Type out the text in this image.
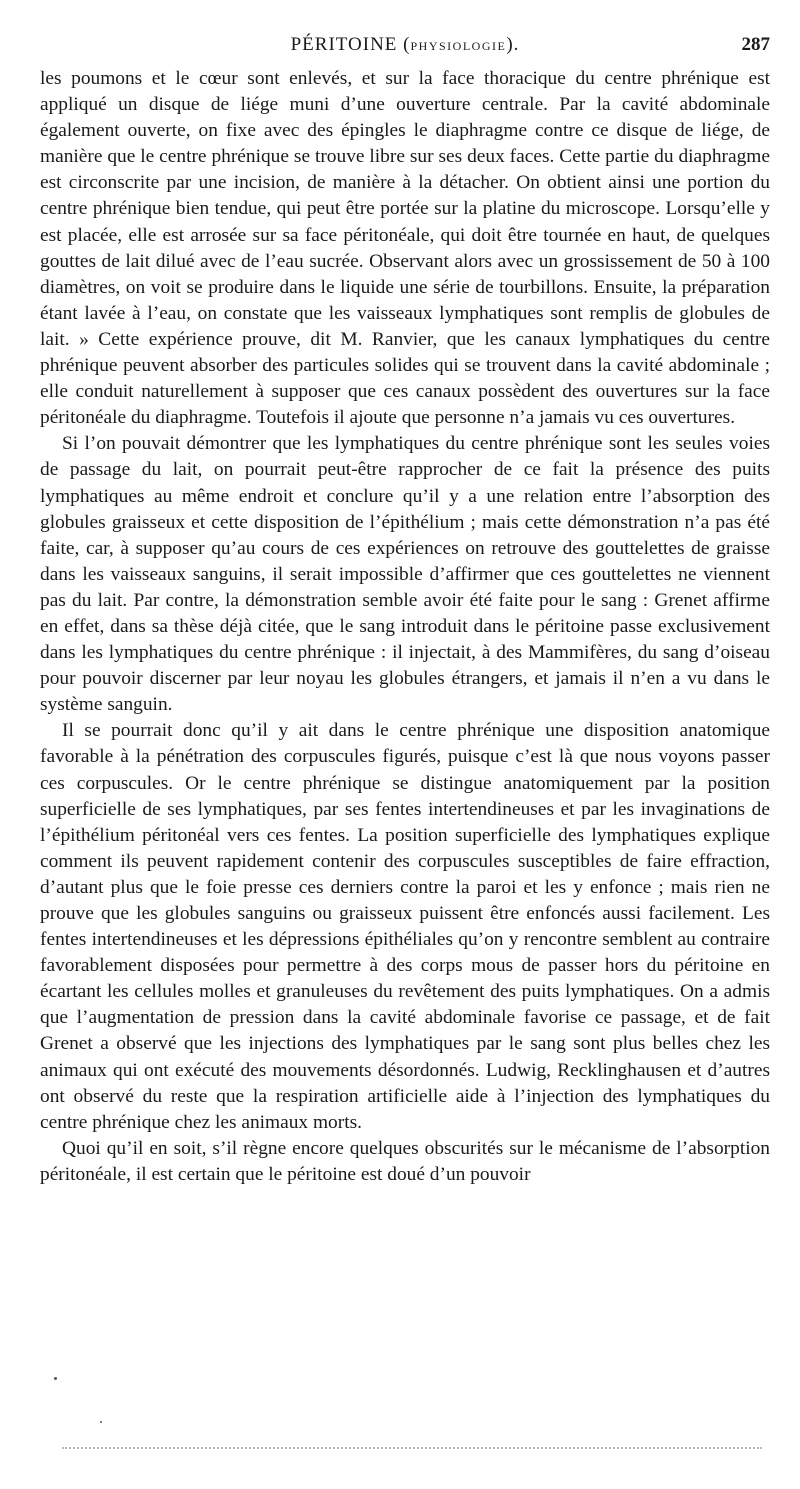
PÉRITOINE (PHYSIOLOGIE).	287

les poumons et le cœur sont enlevés, et sur la face thoracique du centre phrénique est appliqué un disque de liége muni d’une ouverture centrale. Par la cavité abdominale également ouverte, on fixe avec des épingles le diaphragme contre ce disque de liége, de manière que le centre phrénique se trouve libre sur ses deux faces. Cette partie du diaphragme est circonscrite par une incision, de manière à la détacher. On obtient ainsi une portion du centre phrénique bien tendue, qui peut être portée sur la platine du microscope. Lorsqu’elle y est placée, elle est arrosée sur sa face péritonéale, qui doit être tournée en haut, de quelques gouttes de lait dilué avec de l’eau sucrée. Observant alors avec un grossissement de 50 à 100 diamètres, on voit se produire dans le liquide une série de tourbillons. Ensuite, la préparation étant lavée à l’eau, on constate que les vaisseaux lymphatiques sont remplis de globules de lait. » Cette expérience prouve, dit M. Ranvier, que les canaux lymphatiques du centre phrénique peuvent absorber des particules solides qui se trouvent dans la cavité abdominale ; elle conduit naturellement à supposer que ces canaux possèdent des ouvertures sur la face péritonéale du diaphragme. Toutefois il ajoute que personne n’a jamais vu ces ouvertures.

Si l’on pouvait démontrer que les lymphatiques du centre phrénique sont les seules voies de passage du lait, on pourrait peut-être rapprocher de ce fait la présence des puits lymphatiques au même endroit et conclure qu’il y a une relation entre l’absorption des globules graisseux et cette disposition de l’épithélium ; mais cette démonstration n’a pas été faite, car, à supposer qu’au cours de ces expériences on retrouve des gouttelettes de graisse dans les vaisseaux sanguins, il serait impossible d’affirmer que ces gouttelettes ne viennent pas du lait. Par contre, la démonstration semble avoir été faite pour le sang : Grenet affirme en effet, dans sa thèse déjà citée, que le sang introduit dans le péritoine passe exclusivement dans les lymphatiques du centre phrénique : il injectait, à des Mammifères, du sang d’oiseau pour pouvoir discerner par leur noyau les globules étrangers, et jamais il n’en a vu dans le système sanguin.

Il se pourrait donc qu’il y ait dans le centre phrénique une disposition anatomique favorable à la pénétration des corpuscules figurés, puisque c’est là que nous voyons passer ces corpuscules. Or le centre phrénique se distingue anatomiquement par la position superficielle de ses lymphatiques, par ses fentes intertendineuses et par les invaginations de l’épithélium péritonéal vers ces fentes. La position superficielle des lymphatiques explique comment ils peuvent rapidement contenir des corpuscules susceptibles de faire effraction, d’autant plus que le foie presse ces derniers contre la paroi et les y enfonce ; mais rien ne prouve que les globules sanguins ou graisseux puissent être enfoncés aussi facilement. Les fentes intertendineuses et les dépressions épithéliales qu’on y rencontre semblent au contraire favorablement disposées pour permettre à des corps mous de passer hors du péritoine en écartant les cellules molles et granuleuses du revêtement des puits lymphatiques. On a admis que l’augmentation de pression dans la cavité abdominale favorise ce passage, et de fait Grenet a observé que les injections des lymphatiques par le sang sont plus belles chez les animaux qui ont exécuté des mouvements désordonnés. Ludwig, Recklinghausen et d’autres ont observé du reste que la respiration artificielle aide à l’injection des lymphatiques du centre phrénique chez les animaux morts.

Quoi qu’il en soit, s’il règne encore quelques obscurités sur le mécanisme de l’absorption péritonéale, il est certain que le péritoine est doué d’un pouvoir
